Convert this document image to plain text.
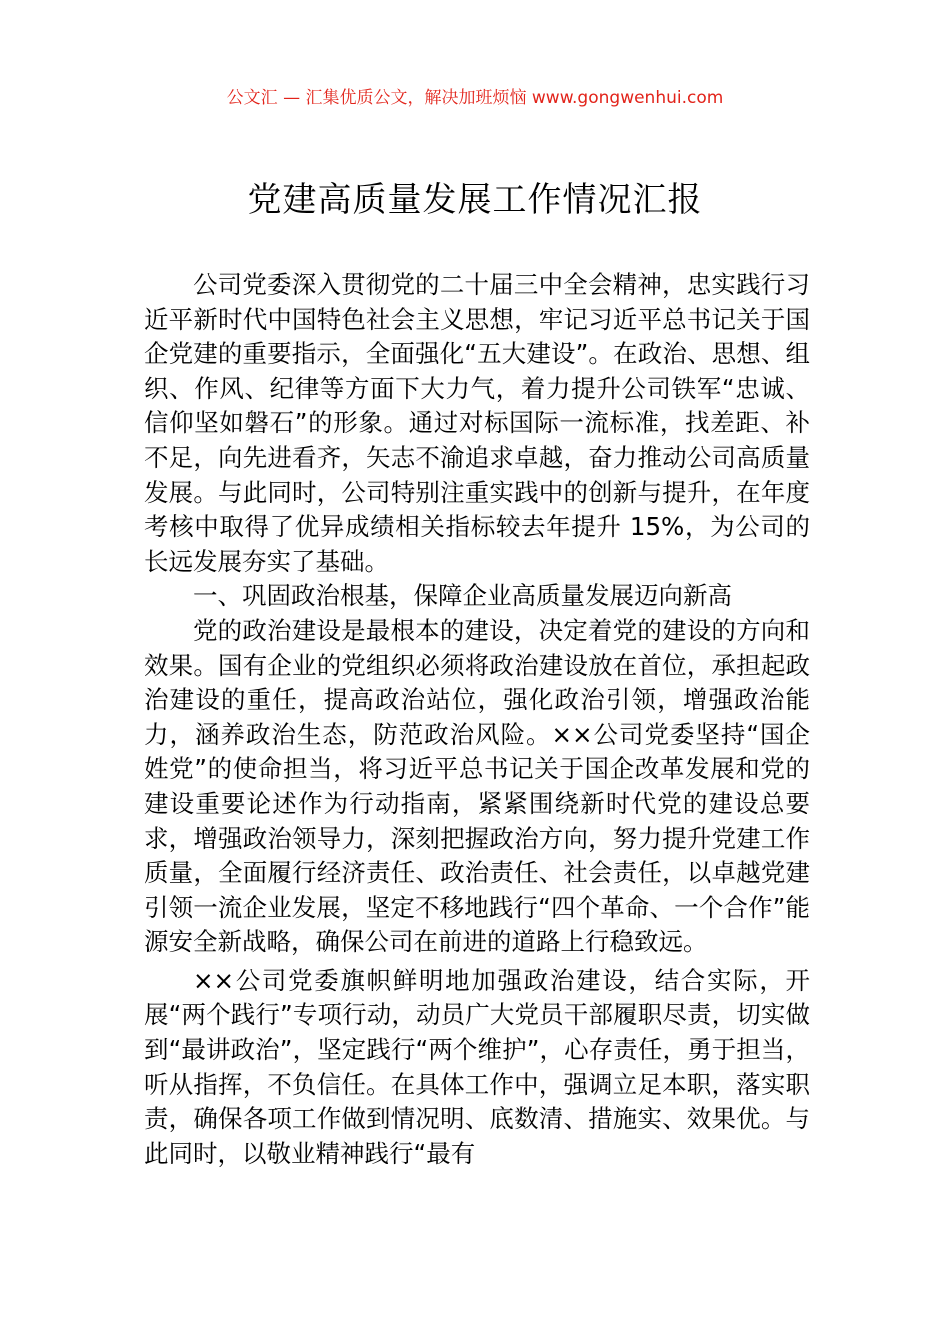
公文汇 — 汇集优质公文，解决加班烦恼 www.gongwenhui.com
党建高质量发展工作情况汇报

公司党委深入贯彻党的二十届三中全会精神，忠实践行习近平新时代中国特色社会主义思想，牢记习近平总书记关于国企党建的重要指示，全面强化“五大建设”。在政治、思想、组织、作风、纪律等方面下大力气，着力提升公司铁军“忠诚、信仰坚如磐石”的形象。通过对标国际一流标准，找差距、补不足，向先进看齐，矢志不渝追求卓越，奋力推动公司高质量发展。与此同时，公司特别注重实践中的创新与提升，在年度考核中取得了优异成绩相关指标较去年提升 15%，为公司的长远发展夯实了基础。

一、巩固政治根基，保障企业高质量发展迈向新高

党的政治建设是最根本的建设，决定着党的建设的方向和效果。国有企业的党组织必须将政治建设放在首位，承担起政治建设的重任，提高政治站位，强化政治引领，增强政治能力，涵养政治生态，防范政治风险。××公司党委坚持“国企姓党”的使命担当，将习近平总书记关于国企改革发展和党的建设重要论述作为行动指南，紧紧围绕新时代党的建设总要求，增强政治领导力，深刻把握政治方向，努力提升党建工作质量，全面履行经济责任、政治责任、社会责任，以卓越党建引领一流企业发展，坚定不移地践行“四个革命、一个合作”能源安全新战略，确保公司在前进的道路上行稳致远。

××公司党委旗帜鲜明地加强政治建设，结合实际，开展“两个践行”专项行动，动员广大党员干部履职尽责，切实做到“最讲政治”，坚定践行“两个维护”，心存责任，勇于担当，听从指挥，不负信任。在具体工作中，强调立足本职，落实职责，确保各项工作做到情况明、底数清、措施实、效果优。与此同时，以敬业精神践行“最有
